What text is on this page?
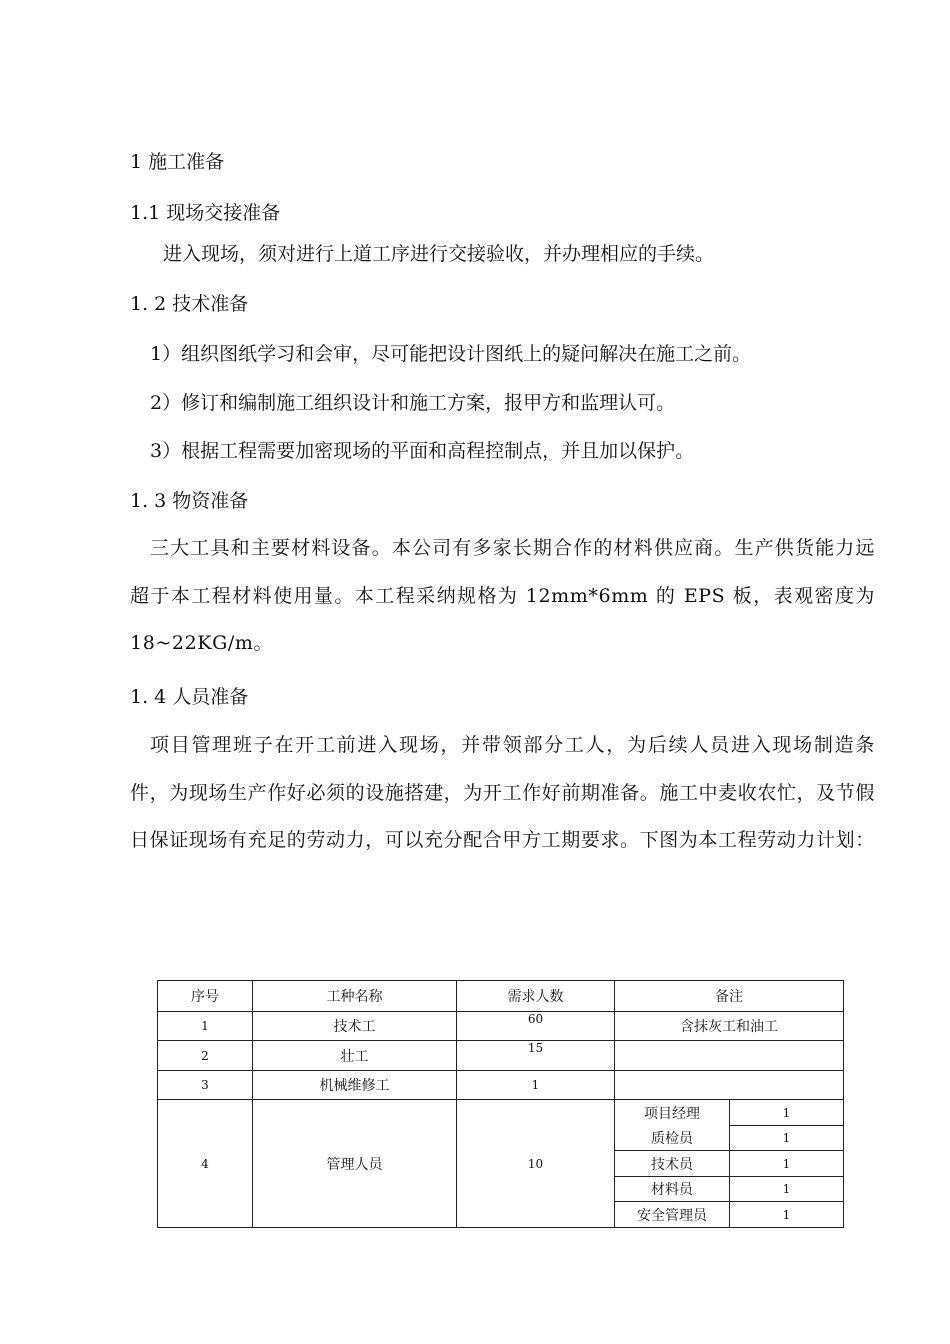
1 施工准备
1.1 现场交接准备
进入现场，须对进行上道工序进行交接验收，并办理相应的手续。
1. 2 技术准备
1）组织图纸学习和会审，尽可能把设计图纸上的疑问解决在施工之前。
2）修订和编制施工组织设计和施工方案，报甲方和监理认可。
3）根据工程需要加密现场的平面和高程控制点，并且加以保护。
1. 3 物资准备
三大工具和主要材料设备。本公司有多家长期合作的材料供应商。生产供货能力远超于本工程材料使用量。本工程采纳规格为 12mm*6mm 的 EPS 板，表观密度为 18~22KG/m。
1. 4 人员准备
项目管理班子在开工前进入现场，并带领部分工人，为后续人员进入现场制造条件，为现场生产作好必须的设施搭建，为开工作好前期准备。施工中麦收农忙，及节假日保证现场有充足的劳动力，可以充分配合甲方工期要求。下图为本工程劳动力计划：
序号	工种名称	需求人数	备注	
1	技术工	60	含抹灰工和油工	
2	壮工	15		
3	机械维修工	1		
4	管理人员	10	项目经理	1
			质检员	1
			技术员	1
			材料员	1
			安全管理员	1
